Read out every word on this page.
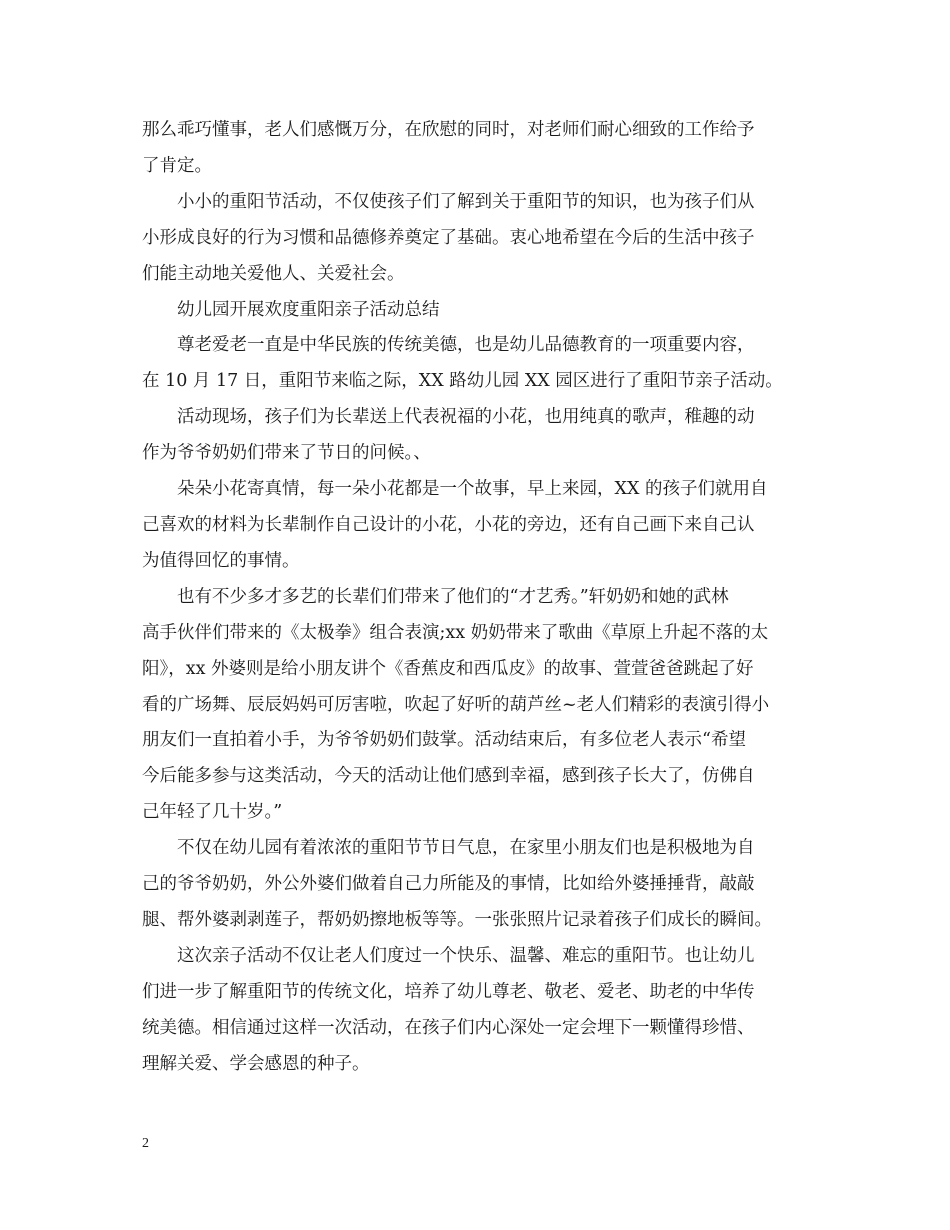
那么乖巧懂事，老人们感慨万分，在欣慰的同时，对老师们耐心细致的工作给予

了肯定。

小小的重阳节活动，不仅使孩子们了解到关于重阳节的知识，也为孩子们从

小形成良好的行为习惯和品德修养奠定了基础。衷心地希望在今后的生活中孩子

们能主动地关爱他人、关爱社会。

幼儿园开展欢度重阳亲子活动总结

尊老爱老一直是中华民族的传统美德，也是幼儿品德教育的一项重要内容，

在 10 月 17 日，重阳节来临之际，XX 路幼儿园 XX 园区进行了重阳节亲子活动。

活动现场，孩子们为长辈送上代表祝福的小花，也用纯真的歌声，稚趣的动

作为爷爷奶奶们带来了节日的问候。、

朵朵小花寄真情，每一朵小花都是一个故事，早上来园，XX 的孩子们就用自

己喜欢的材料为长辈制作自己设计的小花，小花的旁边，还有自己画下来自己认

为值得回忆的事情。

也有不少多才多艺的长辈们们带来了他们的“才艺秀。”轩奶奶和她的武林

高手伙伴们带来的《太极拳》组合表演;xx 奶奶带来了歌曲《草原上升起不落的太

阳》，xx 外婆则是给小朋友讲个《香蕉皮和西瓜皮》的故事、萱萱爸爸跳起了好

看的广场舞、辰辰妈妈可厉害啦，吹起了好听的葫芦丝~老人们精彩的表演引得小

朋友们一直拍着小手，为爷爷奶奶们鼓掌。活动结束后，有多位老人表示“希望

今后能多参与这类活动，今天的活动让他们感到幸福，感到孩子长大了，仿佛自

己年轻了几十岁。”

不仅在幼儿园有着浓浓的重阳节节日气息，在家里小朋友们也是积极地为自

己的爷爷奶奶，外公外婆们做着自己力所能及的事情，比如给外婆捶捶背，敲敲

腿、帮外婆剥剥莲子，帮奶奶擦地板等等。一张张照片记录着孩子们成长的瞬间。

这次亲子活动不仅让老人们度过一个快乐、温馨、难忘的重阳节。也让幼儿

们进一步了解重阳节的传统文化，培养了幼儿尊老、敬老、爱老、助老的中华传

统美德。相信通过这样一次活动，在孩子们内心深处一定会埋下一颗懂得珍惜、

理解关爱、学会感恩的种子。

2
